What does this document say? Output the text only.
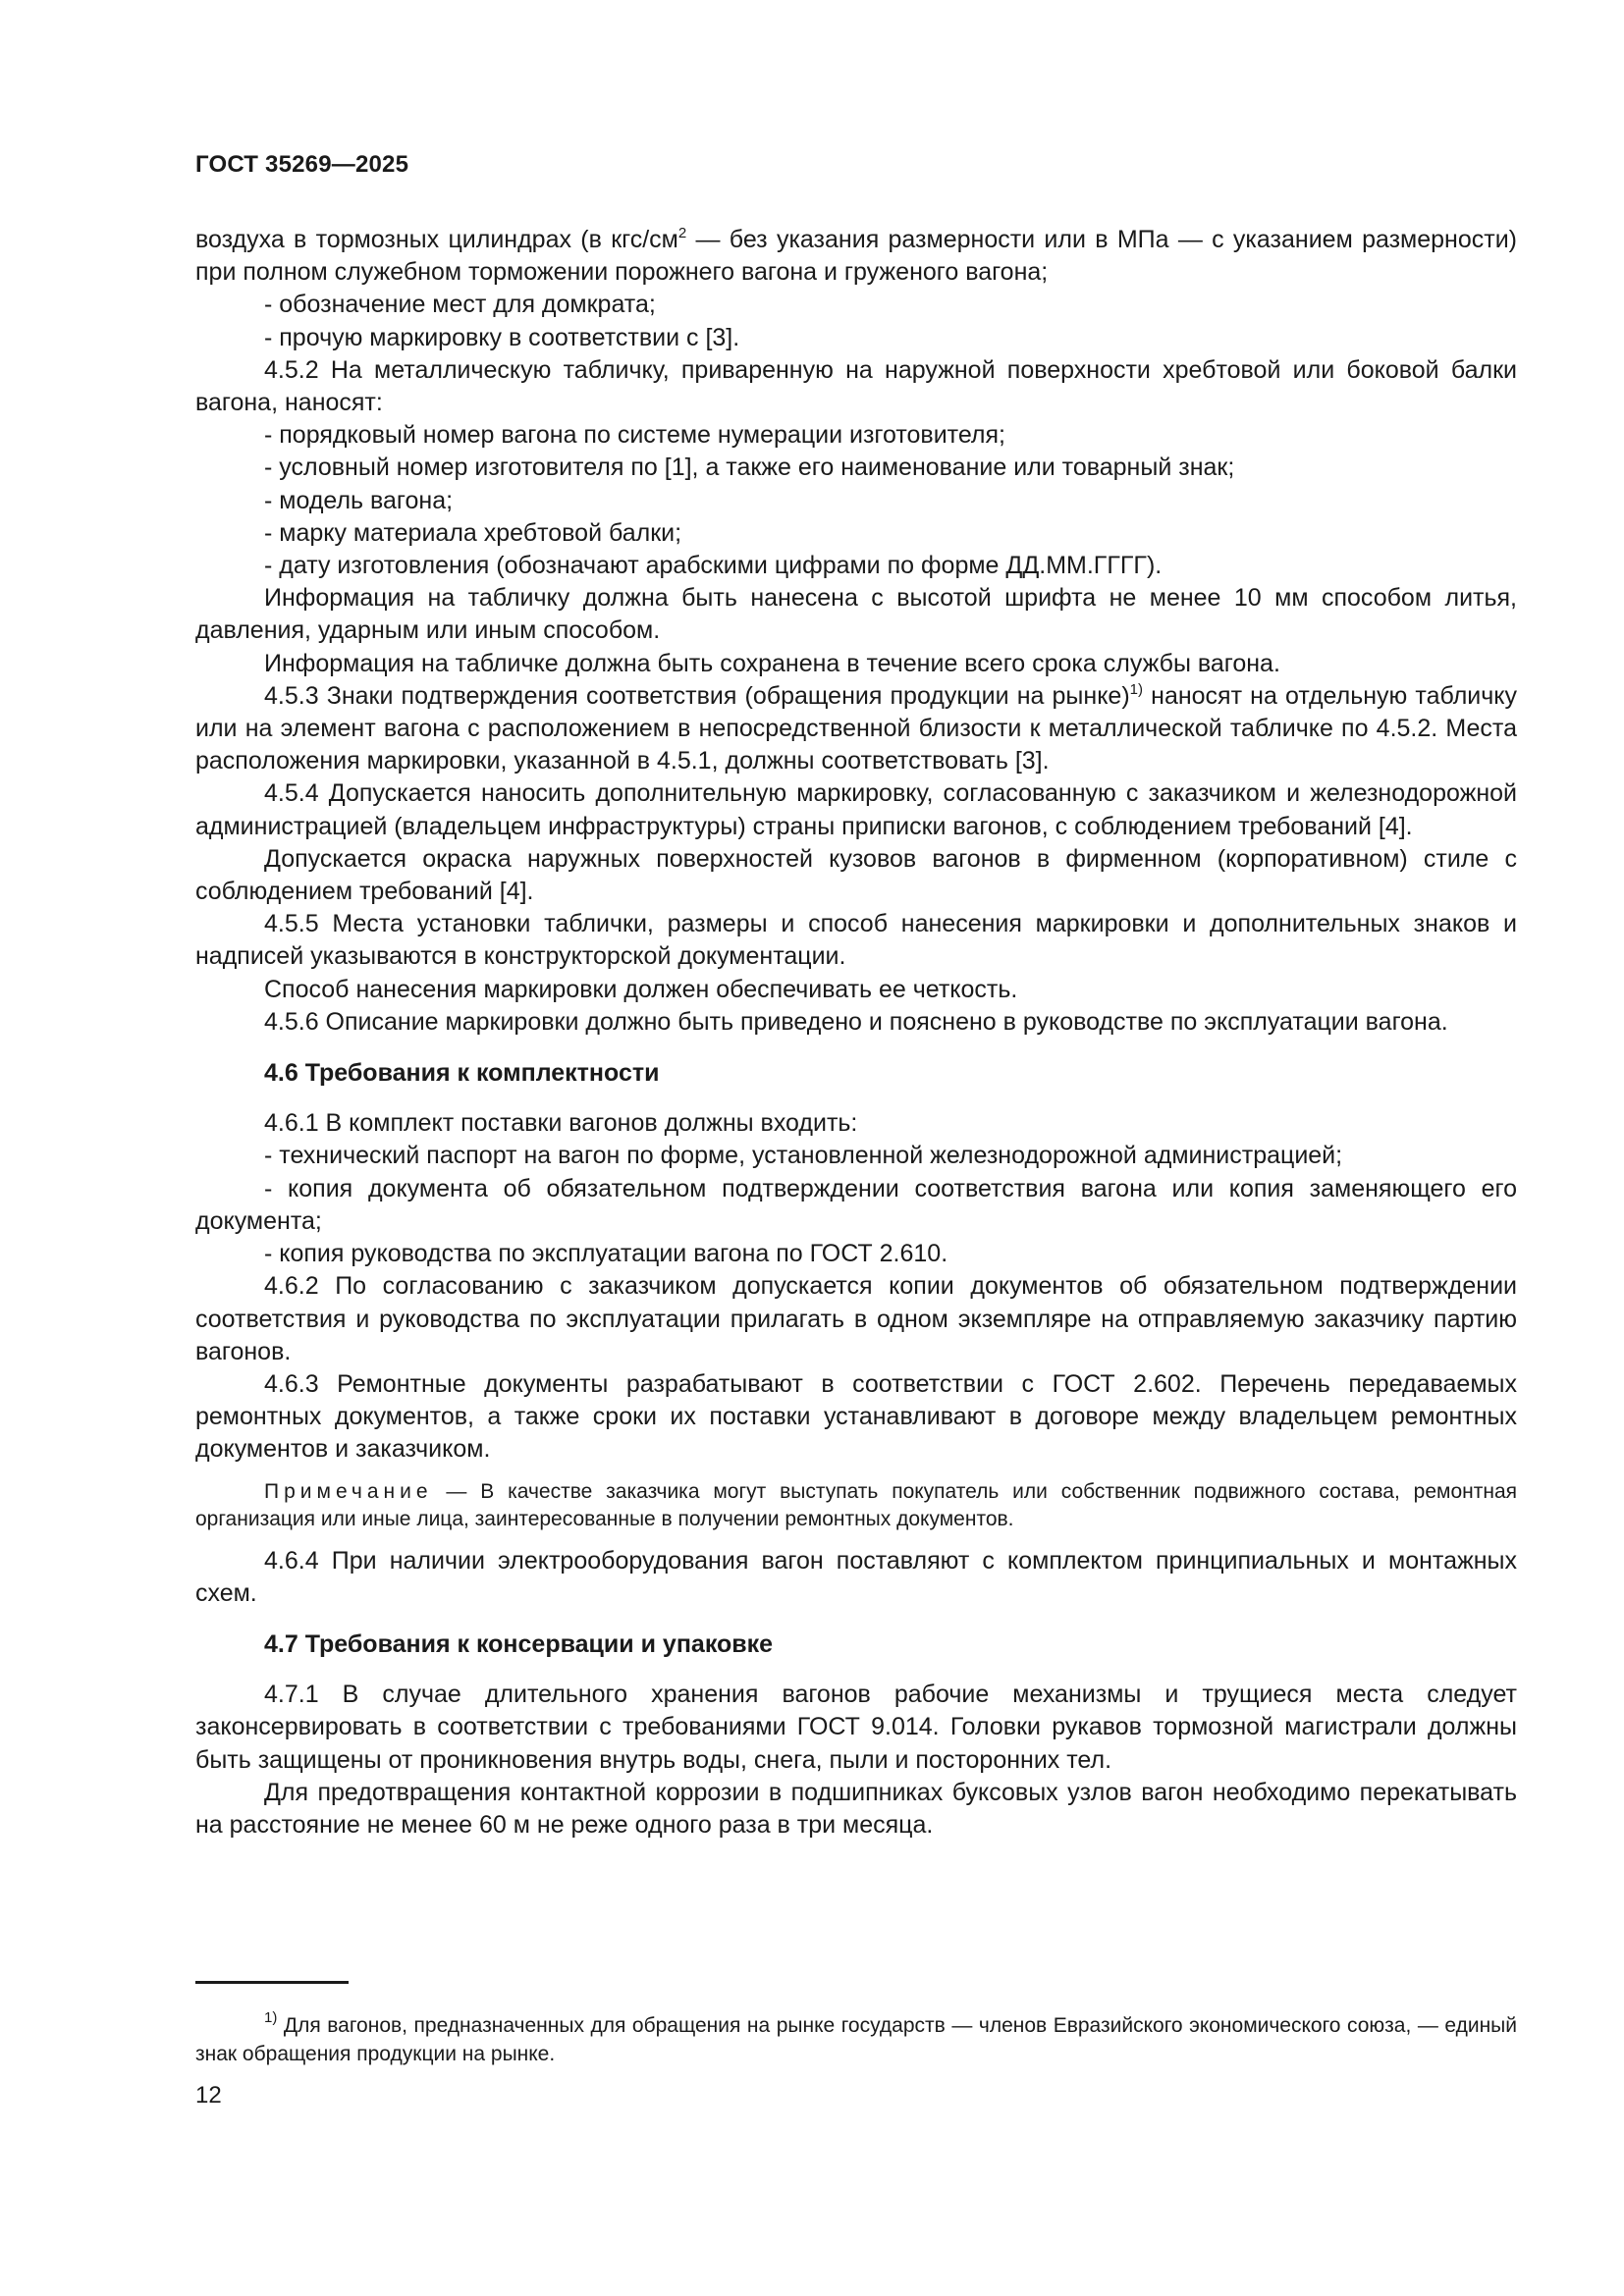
ГОСТ 35269—2025

воздуха в тормозных цилиндрах (в кгс/$см^2$ — без указания размерности или в МПа — с указанием размерности) при полном служебном торможении порожнего вагона и груженого вагона;

- обозначение мест для домкрата;

- прочую маркировку в соответствии с [3].

4.5.2 На металлическую табличку, приваренную на наружной поверхности хребтовой или боковой балки вагона, наносят:

- порядковый номер вагона по системе нумерации изготовителя;

- условный номер изготовителя по [1], а также его наименование или товарный знак;

- модель вагона;

- марку материала хребтовой балки;

- дату изготовления (обозначают арабскими цифрами по форме ДД.ММ.ГГГГ).

Информация на табличку должна быть нанесена с высотой шрифта не менее 10 мм способом литья, давления, ударным или иным способом.

Информация на табличке должна быть сохранена в течение всего срока службы вагона.

4.5.3 Знаки подтверждения соответствия (обращения продукции на рынке)$^{1)}$ наносят на отдельную табличку или на элемент вагона с расположением в непосредственной близости к металлической табличке по 4.5.2. Места расположения маркировки, указанной в 4.5.1, должны соответствовать [3].

4.5.4 Допускается наносить дополнительную маркировку, согласованную с заказчиком и железнодорожной администрацией (владельцем инфраструктуры) страны приписки вагонов, с соблюдением требований [4].

Допускается окраска наружных поверхностей кузовов вагонов в фирменном (корпоративном) стиле с соблюдением требований [4].

4.5.5 Места установки таблички, размеры и способ нанесения маркировки и дополнительных знаков и надписей указываются в конструкторской документации.

Способ нанесения маркировки должен обеспечивать ее четкость.

4.5.6 Описание маркировки должно быть приведено и пояснено в руководстве по эксплуатации вагона.

4.6 Требования к комплектности

4.6.1 В комплект поставки вагонов должны входить:

- технический паспорт на вагон по форме, установленной железнодорожной администрацией;

- копия документа об обязательном подтверждении соответствия вагона или копия заменяющего его документа;

- копия руководства по эксплуатации вагона по ГОСТ 2.610.

4.6.2 По согласованию с заказчиком допускается копии документов об обязательном подтверждении соответствия и руководства по эксплуатации прилагать в одном экземпляре на отправляемую заказчику партию вагонов.

4.6.3 Ремонтные документы разрабатывают в соответствии с ГОСТ 2.602. Перечень передаваемых ремонтных документов, а также сроки их поставки устанавливают в договоре между владельцем ремонтных документов и заказчиком.

Примечание — В качестве заказчика могут выступать покупатель или собственник подвижного состава, ремонтная организация или иные лица, заинтересованные в получении ремонтных документов.

4.6.4 При наличии электрооборудования вагон поставляют с комплектом принципиальных и монтажных схем.

4.7 Требования к консервации и упаковке

4.7.1 В случае длительного хранения вагонов рабочие механизмы и трущиеся места следует законсервировать в соответствии с требованиями ГОСТ 9.014. Головки рукавов тормозной магистрали должны быть защищены от проникновения внутрь воды, снега, пыли и посторонних тел.

Для предотвращения контактной коррозии в подшипниках буксовых узлов вагон необходимо перекатывать на расстояние не менее 60 м не реже одного раза в три месяца.

$^{1)}$ Для вагонов, предназначенных для обращения на рынке государств — членов Евразийского экономического союза, — единый знак обращения продукции на рынке.

12
